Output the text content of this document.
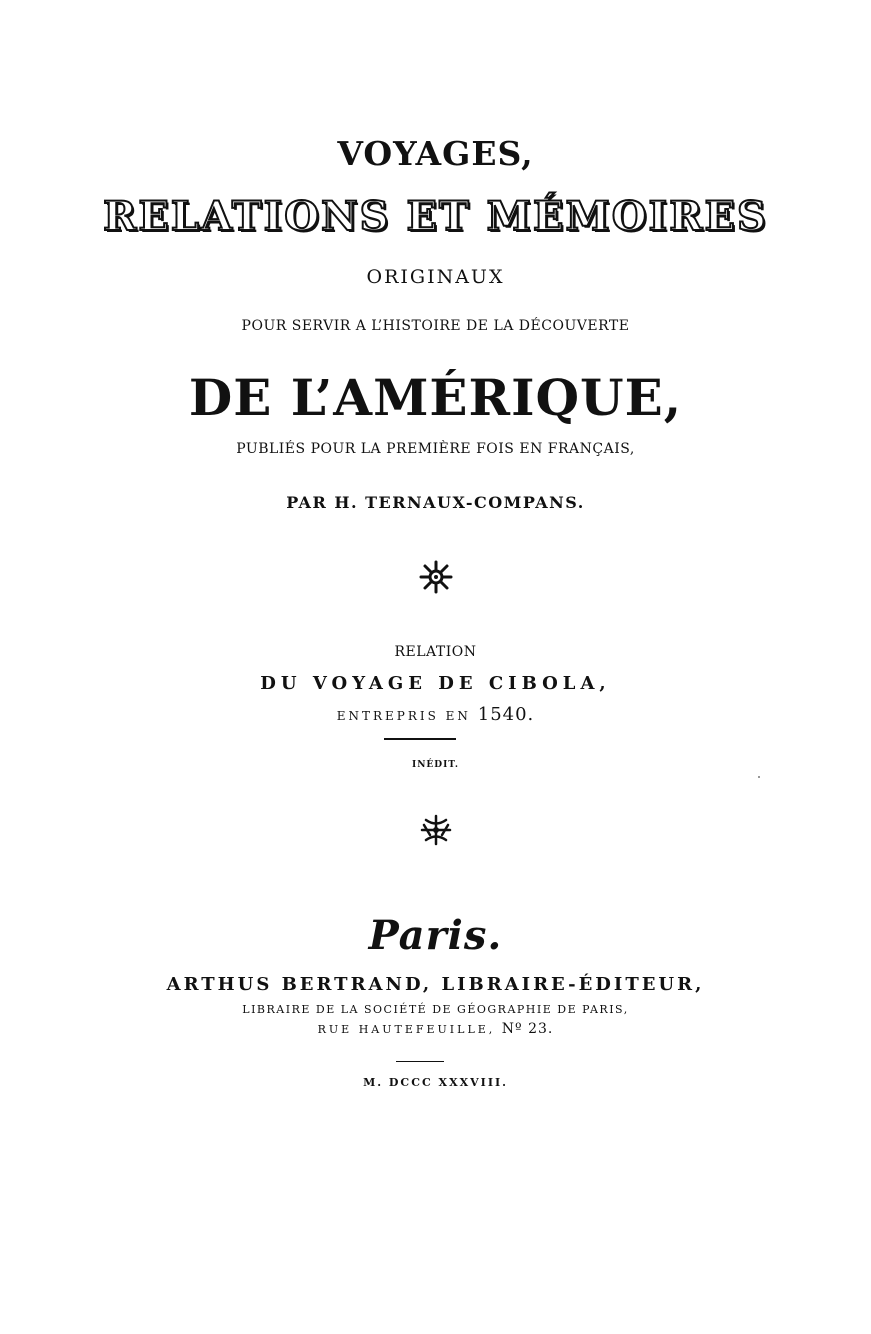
VOYAGES,
RELATIONS ET MÉMOIRES
ORIGINAUX
POUR SERVIR A L’HISTOIRE DE LA DÉCOUVERTE
DE L’AMÉRIQUE,
PUBLIÉS POUR LA PREMIÈRE FOIS EN FRANÇAIS,
PAR H. TERNAUX-COMPANS.
RELATION
DU VOYAGE DE CIBOLA,
ENTREPRIS EN 1540.
INÉDIT.
Paris.
ARTHUS BERTRAND, LIBRAIRE-ÉDITEUR,
LIBRAIRE DE LA SOCIÉTÉ DE GÉOGRAPHIE DE PARIS,
RUE HAUTEFEUILLE, Nº 23.
M. DCCC XXXVIII.
